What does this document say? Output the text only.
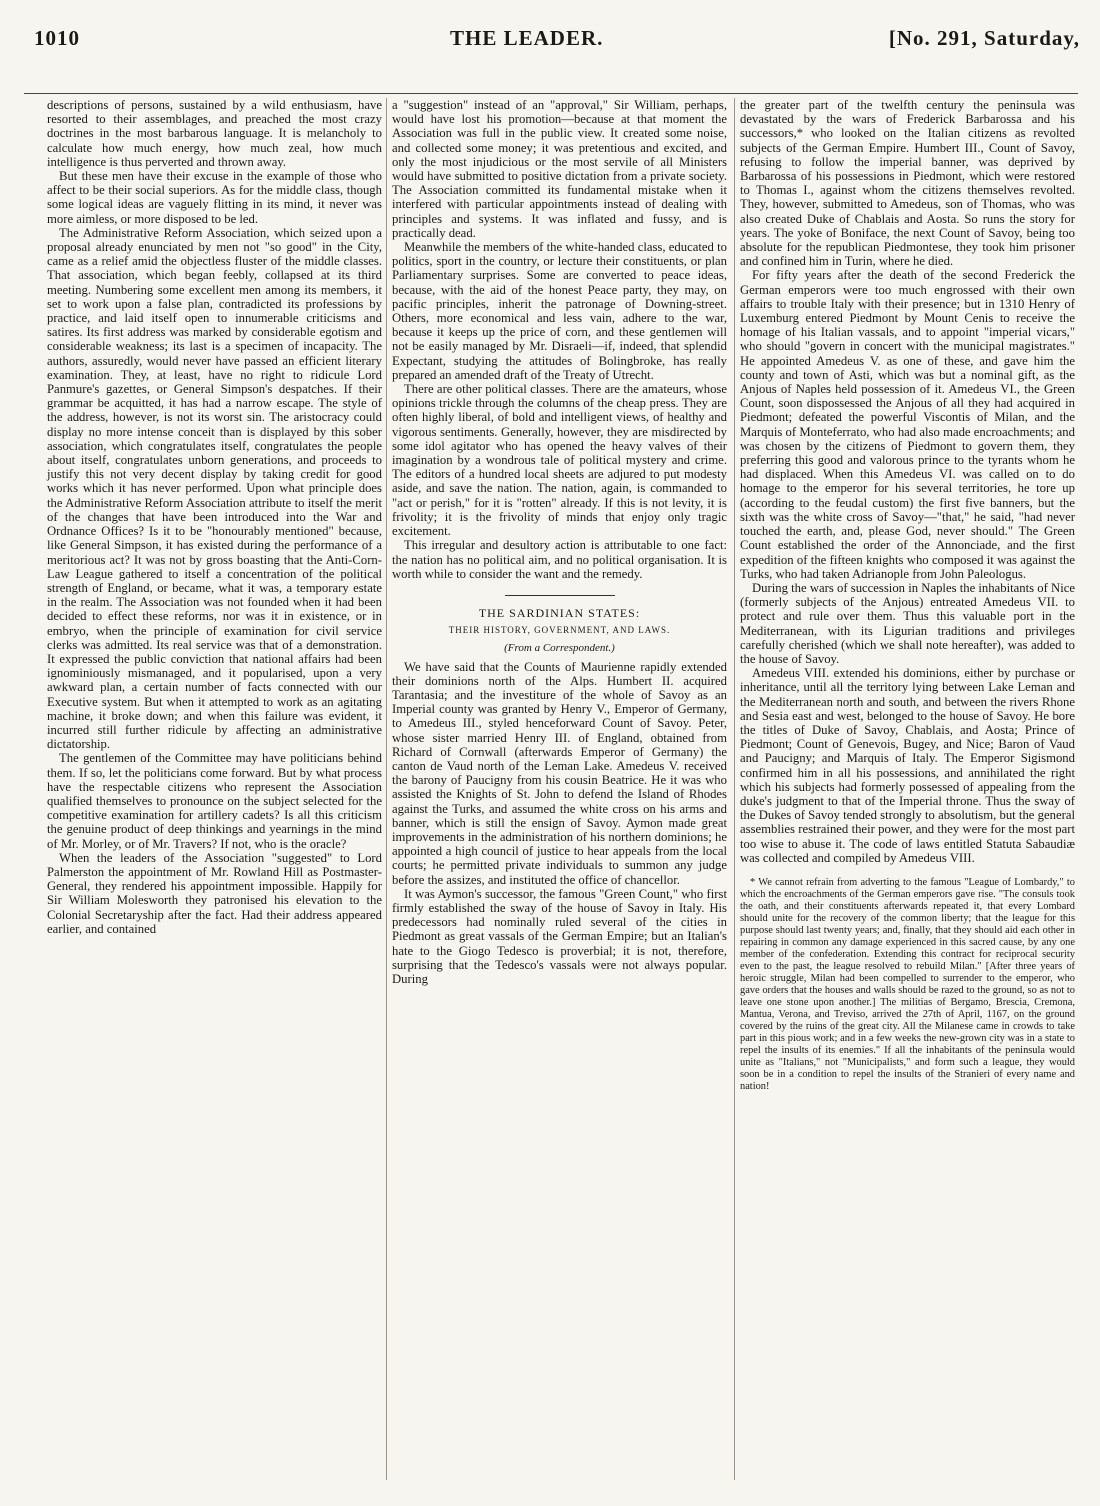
1010	THE LEADER.	[No. 291, Saturday,

descriptions of persons, sustained by a wild enthusiasm, have resorted to their assemblages, and preached the most crazy doctrines in the most barbarous language. It is melancholy to calculate how much energy, how much zeal, how much intelligence is thus perverted and thrown away.

But these men have their excuse in the example of those who affect to be their social superiors. As for the middle class, though some logical ideas are vaguely flitting in its mind, it never was more aimless, or more disposed to be led.

The Administrative Reform Association, which seized upon a proposal already enunciated by men not "so good" in the City, came as a relief amid the objectless fluster of the middle classes. That association, which began feebly, collapsed at its third meeting. Numbering some excellent men among its members, it set to work upon a false plan, contradicted its professions by practice, and laid itself open to innumerable criticisms and satires. Its first address was marked by considerable egotism and considerable weakness; its last is a specimen of incapacity. The authors, assuredly, would never have passed an efficient literary examination. They, at least, have no right to ridicule Lord Panmure's gazettes, or General Simpson's despatches. If their grammar be acquitted, it has had a narrow escape. The style of the address, however, is not its worst sin. The aristocracy could display no more intense conceit than is displayed by this sober association, which congratulates itself, congratulates the people about itself, congratulates unborn generations, and proceeds to justify this not very decent display by taking credit for good works which it has never performed. Upon what principle does the Administrative Reform Association attribute to itself the merit of the changes that have been introduced into the War and Ordnance Offices? Is it to be "honourably mentioned" because, like General Simpson, it has existed during the performance of a meritorious act? It was not by gross boasting that the Anti-Corn-Law League gathered to itself a concentration of the political strength of England, or became, what it was, a temporary estate in the realm. The Association was not founded when it had been decided to effect these reforms, nor was it in existence, or in embryo, when the principle of examination for civil service clerks was admitted. Its real service was that of a demonstration. It expressed the public conviction that national affairs had been ignominiously mismanaged, and it popularised, upon a very awkward plan, a certain number of facts connected with our Executive system. But when it attempted to work as an agitating machine, it broke down; and when this failure was evident, it incurred still further ridicule by affecting an administrative dictatorship.

The gentlemen of the Committee may have politicians behind them. If so, let the politicians come forward. But by what process have the respectable citizens who represent the Association qualified themselves to pronounce on the subject selected for the competitive examination for artillery cadets? Is all this criticism the genuine product of deep thinkings and yearnings in the mind of Mr. Morley, or of Mr. Travers? If not, who is the oracle?

When the leaders of the Association "suggested" to Lord Palmerston the appointment of Mr. Rowland Hill as Postmaster-General, they rendered his appointment impossible. Happily for Sir William Molesworth they patronised his elevation to the Colonial Secretaryship after the fact. Had their address appeared earlier, and contained

a "suggestion" instead of an "approval," Sir William, perhaps, would have lost his promotion—because at that moment the Association was full in the public view. It created some noise, and collected some money; it was pretentious and excited, and only the most injudicious or the most servile of all Ministers would have submitted to positive dictation from a private society. The Association committed its fundamental mistake when it interfered with particular appointments instead of dealing with principles and systems. It was inflated and fussy, and is practically dead.

Meanwhile the members of the white-handed class, educated to politics, sport in the country, or lecture their constituents, or plan Parliamentary surprises. Some are converted to peace ideas, because, with the aid of the honest Peace party, they may, on pacific principles, inherit the patronage of Downing-street. Others, more economical and less vain, adhere to the war, because it keeps up the price of corn, and these gentlemen will not be easily managed by Mr. Disraeli—if, indeed, that splendid Expectant, studying the attitudes of Bolingbroke, has really prepared an amended draft of the Treaty of Utrecht.

There are other political classes. There are the amateurs, whose opinions trickle through the columns of the cheap press. They are often highly liberal, of bold and intelligent views, of healthy and vigorous sentiments. Generally, however, they are misdirected by some idol agitator who has opened the heavy valves of their imagination by a wondrous tale of political mystery and crime. The editors of a hundred local sheets are adjured to put modesty aside, and save the nation. The nation, again, is commanded to "act or perish," for it is "rotten" already. If this is not levity, it is frivolity; it is the frivolity of minds that enjoy only tragic excitement.

This irregular and desultory action is attributable to one fact: the nation has no political aim, and no political organisation. It is worth while to consider the want and the remedy.

THE SARDINIAN STATES:
THEIR HISTORY, GOVERNMENT, AND LAWS.
(From a Correspondent.)

We have said that the Counts of Maurienne rapidly extended their dominions north of the Alps. Humbert II. acquired Tarantasia; and the investiture of the whole of Savoy as an Imperial county was granted by Henry V., Emperor of Germany, to Amedeus III., styled henceforward Count of Savoy. Peter, whose sister married Henry III. of England, obtained from Richard of Cornwall (afterwards Emperor of Germany) the canton de Vaud north of the Leman Lake. Amedeus V. received the barony of Paucigny from his cousin Beatrice. He it was who assisted the Knights of St. John to defend the Island of Rhodes against the Turks, and assumed the white cross on his arms and banner, which is still the ensign of Savoy. Aymon made great improvements in the administration of his northern dominions; he appointed a high council of justice to hear appeals from the local courts; he permitted private individuals to summon any judge before the assizes, and instituted the office of chancellor.

It was Aymon's successor, the famous "Green Count," who first firmly established the sway of the house of Savoy in Italy. His predecessors had nominally ruled several of the cities in Piedmont as great vassals of the German Empire; but an Italian's hate to the Giogo Tedesco is proverbial; it is not, therefore, surprising that the Tedesco's vassals were not always popular. During

the greater part of the twelfth century the peninsula was devastated by the wars of Frederick Barbarossa and his successors,* who looked on the Italian citizens as revolted subjects of the German Empire. Humbert III., Count of Savoy, refusing to follow the imperial banner, was deprived by Barbarossa of his possessions in Piedmont, which were restored to Thomas I., against whom the citizens themselves revolted. They, however, submitted to Amedeus, son of Thomas, who was also created Duke of Chablais and Aosta. So runs the story for years. The yoke of Boniface, the next Count of Savoy, being too absolute for the republican Piedmontese, they took him prisoner and confined him in Turin, where he died.

For fifty years after the death of the second Frederick the German emperors were too much engrossed with their own affairs to trouble Italy with their presence; but in 1310 Henry of Luxemburg entered Piedmont by Mount Cenis to receive the homage of his Italian vassals, and to appoint "imperial vicars," who should "govern in concert with the municipal magistrates." He appointed Amedeus V. as one of these, and gave him the county and town of Asti, which was but a nominal gift, as the Anjous of Naples held possession of it. Amedeus VI., the Green Count, soon dispossessed the Anjous of all they had acquired in Piedmont; defeated the powerful Viscontis of Milan, and the Marquis of Monteferrato, who had also made encroachments; and was chosen by the citizens of Piedmont to govern them, they preferring this good and valorous prince to the tyrants whom he had displaced. When this Amedeus VI. was called on to do homage to the emperor for his several territories, he tore up (according to the feudal custom) the first five banners, but the sixth was the white cross of Savoy—"that," he said, "had never touched the earth, and, please God, never should." The Green Count established the order of the Annonciade, and the first expedition of the fifteen knights who composed it was against the Turks, who had taken Adrianople from John Paleologus.

During the wars of succession in Naples the inhabitants of Nice (formerly subjects of the Anjous) entreated Amedeus VII. to protect and rule over them. Thus this valuable port in the Mediterranean, with its Ligurian traditions and privileges carefully cherished (which we shall note hereafter), was added to the house of Savoy.

Amedeus VIII. extended his dominions, either by purchase or inheritance, until all the territory lying between Lake Leman and the Mediterranean north and south, and between the rivers Rhone and Sesia east and west, belonged to the house of Savoy. He bore the titles of Duke of Savoy, Chablais, and Aosta; Prince of Piedmont; Count of Genevois, Bugey, and Nice; Baron of Vaud and Paucigny; and Marquis of Italy. The Emperor Sigismond confirmed him in all his possessions, and annihilated the right which his subjects had formerly possessed of appealing from the duke's judgment to that of the Imperial throne. Thus the sway of the Dukes of Savoy tended strongly to absolutism, but the general assemblies restrained their power, and they were for the most part too wise to abuse it. The code of laws entitled Statuta Sabaudiæ was collected and compiled by Amedeus VIII.

* We cannot refrain from adverting to the famous "League of Lombardy," to which the encroachments of the German emperors gave rise. "The consuls took the oath, and their constituents afterwards repeated it, that every Lombard should unite for the recovery of the common liberty; that the league for this purpose should last twenty years; and, finally, that they should aid each other in repairing in common any damage experienced in this sacred cause, by any one member of the confederation. Extending this contract for reciprocal security even to the past, the league resolved to rebuild Milan." [After three years of heroic struggle, Milan had been compelled to surrender to the emperor, who gave orders that the houses and walls should be razed to the ground, so as not to leave one stone upon another.] The militias of Bergamo, Brescia, Cremona, Mantua, Verona, and Treviso, arrived the 27th of April, 1167, on the ground covered by the ruins of the great city. All the Milanese came in crowds to take part in this pious work; and in a few weeks the new-grown city was in a state to repel the insults of its enemies." If all the inhabitants of the peninsula would unite as "Italians," not "Municipalists," and form such a league, they would soon be in a condition to repel the insults of the Stranieri of every name and nation!
